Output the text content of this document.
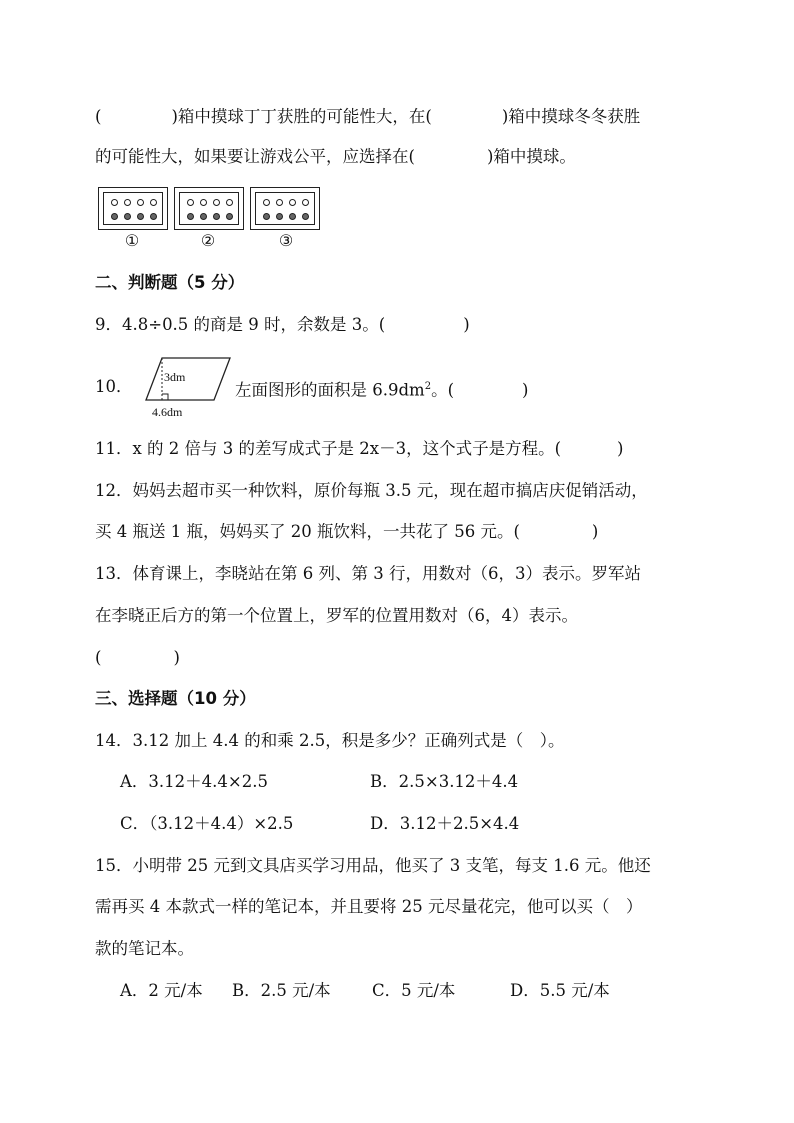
(	)箱中摸球丁丁获胜的可能性大，在(	)箱中摸球冬冬获胜
的可能性大，如果要让游戏公平，应选择在(	)箱中摸球。
①	②	③
二、判断题（5 分）
9．4.8÷0.5 的商是 9 时，余数是 3。(	)
10．	3dm
4.6dm
左面图形的面积是 $6.9dm^2$。(	)
11．x 的 2 倍与 3 的差写成式子是 2x－3，这个式子是方程。(	)
12．妈妈去超市买一种饮料，原价每瓶 3.5 元，现在超市搞店庆促销活动，
买 4 瓶送 1 瓶，妈妈买了 20 瓶饮料，一共花了 56 元。(	)
13．体育课上，李晓站在第 6 列、第 3 行，用数对（6，3）表示。罗军站
在李晓正后方的第一个位置上，罗军的位置用数对（6，4）表示。
(	)
三、选择题（10 分）
14．3.12 加上 4.4 的和乘 2.5，积是多少？正确列式是（　）。
A．3.12＋4.4×2.5	B．2.5×3.12＋4.4
C．（3.12＋4.4）×2.5	D．3.12＋2.5×4.4
15．小明带 25 元到文具店买学习用品，他买了 3 支笔，每支 1.6 元。他还
需再买 4 本款式一样的笔记本，并且要将 25 元尽量花完，他可以买（　）
款的笔记本。
A．2 元/本 B．2.5 元/本	C．5 元/本	D．5.5 元/本
